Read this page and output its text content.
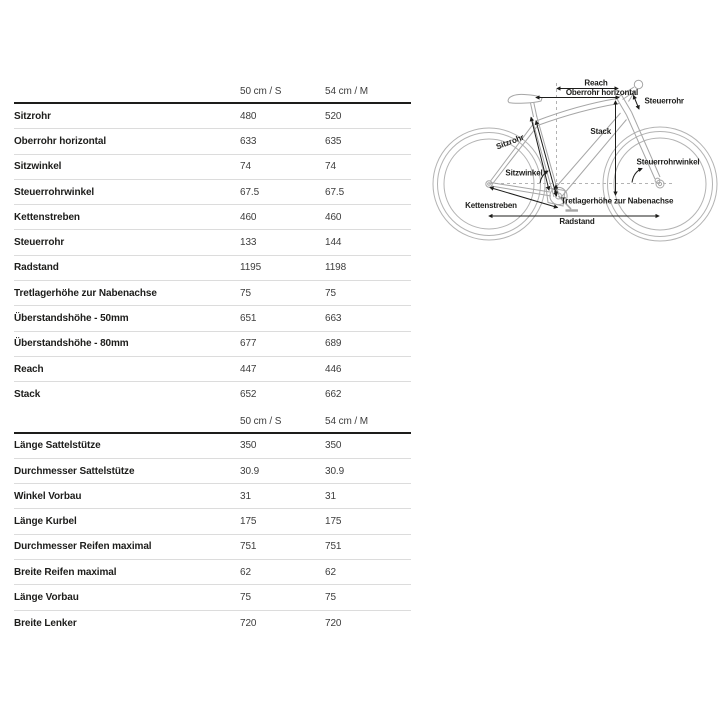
50 cm / S	54 cm / M
Sitzrohr	480	520
Oberrohr horizontal	633	635
Sitzwinkel	74	74
Steuerrohrwinkel	67.5	67.5
Kettenstreben	460	460
Steuerrohr	133	144
Radstand	1195	1198
Tretlagerhöhe zur Nabenachse	75	75
Überstandshöhe - 50mm	651	663
Überstandshöhe - 80mm	677	689
Reach	447	446
Stack	652	662
50 cm / S	54 cm / M
Länge Sattelstütze	350	350
Durchmesser Sattelstütze	30.9	30.9
Winkel Vorbau	31	31
Länge Kurbel	175	175
Durchmesser Reifen maximal	751	751
Breite Reifen maximal	62	62
Länge Vorbau	75	75
Breite Lenker	720	720
Reach
Oberrohr horizontal
Steuerrohr
Stack
Steuerrohrwinkel
Tretlagerhöhe zur Nabenachse
Kettenstreben
Radstand
Sitzwinkel
Sitzrohr
